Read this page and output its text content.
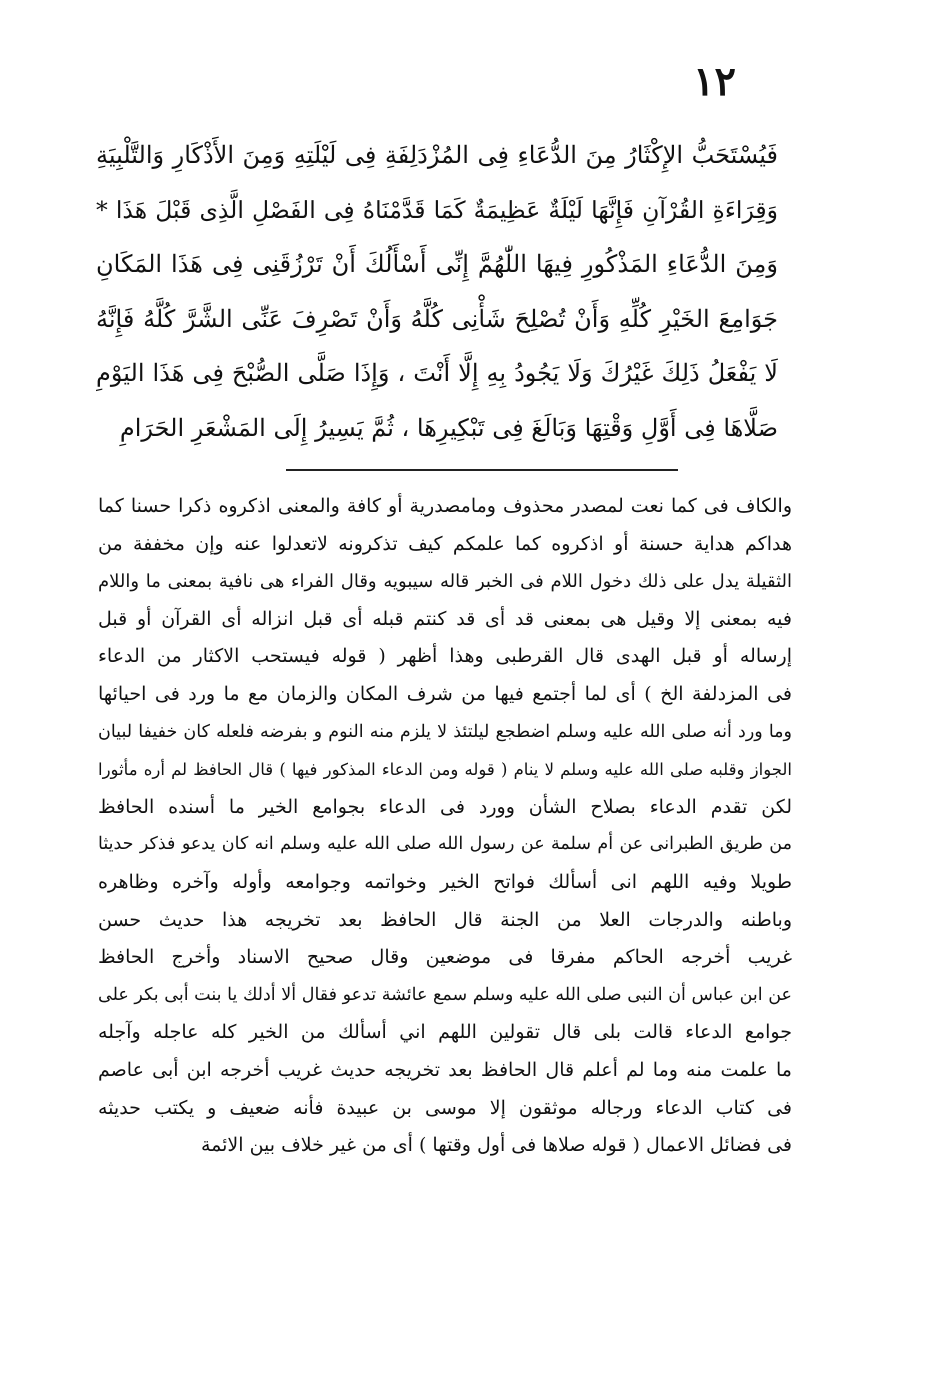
١٢
فَيُسْتَحَبُّ الإِكْثَارُ مِنَ الدُّعَاءِ فِى المُزْدَلِفَةِ فِى لَيْلَتِهِ وَمِنَ الأَذْكَارِ وَالتَّلْبِيَةِ
وَقِرَاءَةِ القُرْآنِ فَإِنَّهَا لَيْلَةٌ عَظِيمَةٌ كَمَا قَدَّمْنَاهُ فِى الفَصْلِ الَّذِى قَبْلَ هَذَا *
وَمِنَ الدُّعَاءِ المَذْكُورِ فِيهَا اللّٰهُمَّ إِنِّى أَسْأَلُكَ أَنْ تَرْزُقَنِى فِى هَذَا المَكَانِ
جَوَامِعَ الخَيْرِ كُلِّهِ وَأَنْ تُصْلِحَ شَأْنِى كُلَّهُ وَأَنْ تَصْرِفَ عَنِّى الشَّرَّ كُلَّهُ فَإِنَّهُ
لَا يَفْعَلُ ذَلِكَ غَيْرُكَ وَلَا يَجُودُ بِهِ إِلَّا أَنْتَ ، وَإِذَا صَلَّى الصُّبْحَ فِى هَذَا اليَوْمِ
صَلَّاهَا فِى أَوَّلِ وَقْتِهَا وَبَالَغَ فِى تَبْكِيرِهَا ، ثُمَّ يَسِيرُ إِلَى المَشْعَرِ الحَرَامِ
والكاف فى كما نعت لمصدر محذوف ومامصدرية أو كافة والمعنى اذكروه ذكرا حسنا كما
هداكم هداية حسنة أو اذكروه كما علمكم كيف تذكرونه لاتعدلوا عنه وإن مخففة من
الثقيلة يدل على ذلك دخول اللام فى الخبر قاله سيبويه وقال الفراء هى نافية بمعنى ما واللام
فيه بمعنى إلا وقيل هى بمعنى قد أى قد كنتم قبله أى قبل انزاله أى القرآن أو قبل
إرساله أو قبل الهدى قال القرطبى وهذا أظهر ( قوله فيستحب الاكثار من الدعاء
فى المزدلفة الخ ) أى لما أجتمع فيها من شرف المكان والزمان مع ما ورد فى احيائها
وما ورد أنه صلى الله عليه وسلم اضطجع ليلتئذ لا يلزم منه النوم و بفرضه فلعله كان خفيفا لبيان
الجواز وقلبه صلى الله عليه وسلم لا ينام ( قوله ومن الدعاء المذكور فيها ) قال الحافظ لم أره مأثورا
لكن تقدم الدعاء بصلاح الشأن وورد فى الدعاء بجوامع الخير ما أسنده الحافظ
من طريق الطبرانى عن أم سلمة عن رسول الله صلى الله عليه وسلم انه كان يدعو فذكر حديثا
طويلا وفيه اللهم انى أسألك فواتح الخير وخواتمه وجوامعه وأوله وآخره وظاهره
وباطنه والدرجات العلا من الجنة قال الحافظ بعد تخريجه هذا حديث حسن
غريب أخرجه الحاكم مفرقا فى موضعين وقال صحيح الاسناد وأخرج الحافظ
عن ابن عباس أن النبى صلى الله عليه وسلم سمع عائشة تدعو فقال ألا أدلك يا بنت أبى بكر على
جوامع الدعاء قالت بلى قال تقولين اللهم اني أسألك من الخير كله عاجله وآجله
ما علمت منه وما لم أعلم قال الحافظ بعد تخريجه حديث غريب أخرجه ابن أبى عاصم
فى كتاب الدعاء ورجاله موثقون إلا موسى بن عبيدة فأنه ضعيف و يكتب حديثه
فى فضائل الاعمال ( قوله صلاها فى أول وقتها ) أى من غير خلاف بين الائمة
